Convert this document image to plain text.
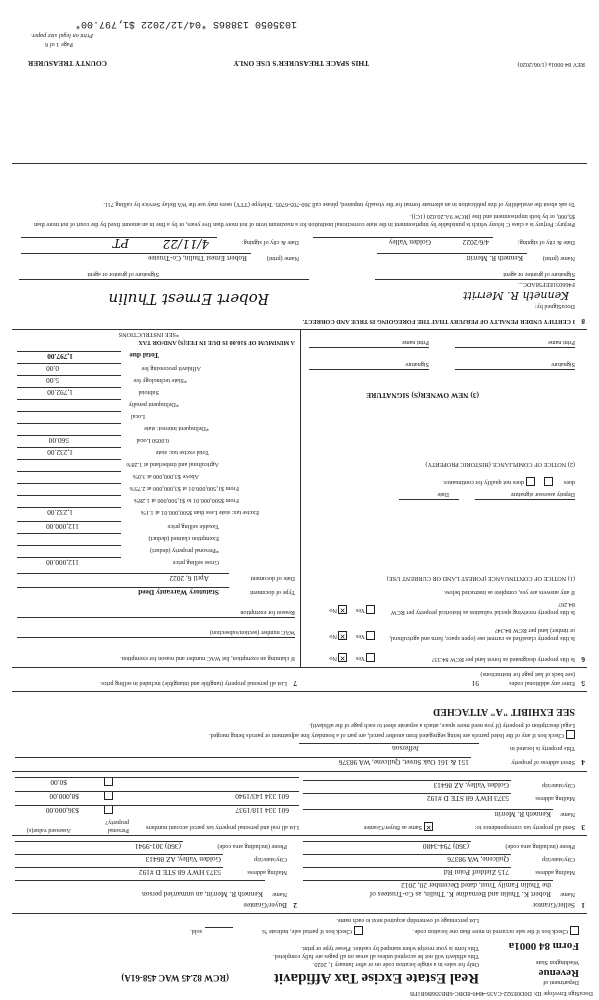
DocuSign Envelope ID: D0D0E922-CA35-4849-8DBC-6BB356B6B1FB
Department of
Revenue
Washington State
Real Estate Excise Tax Affidavit
(RCW 82.45 WAC 458-61A)
Only for sales in a single location code on or after January 1, 2020.
This affidavit will not be accepted unless all areas on all pages are fully completed.
This form is your receipt when stamped by cashier. Please type or print.	Form 84 0001a
Check box if the sale occurred in more than one location code.
Check box if partial sale, indicate %
sold.
List percentage of ownership acquired next to each name.
1
Seller/Grantor
2
Buyer/Grantee
Name
Robert K. Thulin and Bernadine K. Thulin, as Co-Trustees of
the Thulin Family Trust, dated December 20, 2012
Name
Kenneth R. Merritt, an unmarried person
Mailing address
715 Zieldorf Point Rd
Mailing address
5373 HWY 68 STE D #192
City/state/zip
Quilcene, WA 98376
City/state/zip
Golden Valley, AZ 86413
Phone (including area code)
(360) 794-3480
Phone (including area code)
(360) 301-9941
3
Send all property tax correspondence to:
✕
Same as Buyer/Grantee
Name
Kenneth R. Merritt
Mailing address
5373 HWY 68 STE D #192
City/state/zip
Golden Valley, AZ 86413
List all real and personal property tax parcel account numbers
Personal property?
Assessed value(s)
601 334 118/1937
$36,000.00
601 334 143/1940
$8,000.00
$0.00
4
Street address of property
151 & 161 Oak Street, Quilcene, WA 98376
This property is located in
Jefferson
Check box if any of the listed parcels are being segregated from another parcel, are part of a boundary line adjustment or parcels being merged.
Legal description of property (if you need more space, attach a separate sheet to each page of the affidavit).
SEE EXHIBIT "A" ATTACHED
5
Enter any additional codes
91
(see back of last page for instructions)
7
List all personal property (tangible and intangible) included in selling price.
6
Is this property designated as forest land per RCW 84.33?
Yes
✕
No
Is this property classified as current use (open space, farm and agricultural, or timber) land per RCW 84.34?
Yes
✕
No
Is this property receiving special valuation as historical property per RCW 84.26?
Yes
✕
No
If any answers are yes, complete as instructed below.
(1) NOTICE OF CONTINUANCE (FOREST LAND OR CURRENT USE)
Deputy assessor signature
Date
does
does not qualify for continuance.
(2) NOTICE OF COMPLIANCE (HISTORIC PROPERTY)
(3) NEW OWNER(S) SIGNATURE
Signature
Signature
Print name
Print name
If claiming an exemption, list WAC number and reason for exemption.
WAC number (section/subsection)
Reason for exemption
Type of document
Statutory Warranty Deed
Date of document
April 6, 2022
Gross selling price
112,000.00
*Personal property (deduct)
Exemption claimed (deduct)
Taxable selling price
112,000.00
Excise tax: state Less than $500,000.01 at 1.1%
1,232.00
From $500,000.01 to $1,500,000 at 1.28%
From $1,500,000.01 at $3,000,000 at 2.75%
Above $3,000,000 at 3.0%
Agricultural and timberland at 1.28%
Total excise tax: state
1,232.00
0.0050 Local
560.00
*Delinquent interest: state
Local
*Delinquent penalty
Subtotal
1,792.00
*State technology fee
5.00
Affidavit processing fee
0.00
Total due
1,797.00
A MINIMUM OF $10.00 IS DUE IN FEE(S) AND/OR TAX
*SEE INSTRUCTIONS
8
I CERTIFY UNDER PENALTY OF PERJURY THAT THE FOREGOING IS TRUE AND CORRECT.
DocuSigned by:
Kenneth R. Merritt
F466031EEF58ADC...
Signature of grantee or agent
Robert Ernest Thulin
Signature of grantor or agent
Name (print)
Kenneth R. Merritt
Name (print)
Robert Ernest Thulin, Co-Trustee
Date & city of signing:
4/6/2022
Golden Valley
Date & city of signing:
4/11/22
PT
Perjury: Perjury is a class C felony which is punishable by imprisonment in the state correctional institution for a maximum term of not more than five years, or by a fine in an amount fixed by the court of not more than $5,000, or by both imprisonment and fine (RCW 9A.20.020 (1C)).
To ask about the availability of this publication in an alternate format for the visually impaired, please call 360-705-6705. Teletype (TTY) users may use the WA Relay Service by calling 711.
REV 84 0001a (1/06/2020)
THIS SPACE TREASURER'S USE ONLY
COUNTY TREASURER
Page 1 of 6
Print on legal size paper.
1035050 13886S *04/12/2022 $1,797.00*
